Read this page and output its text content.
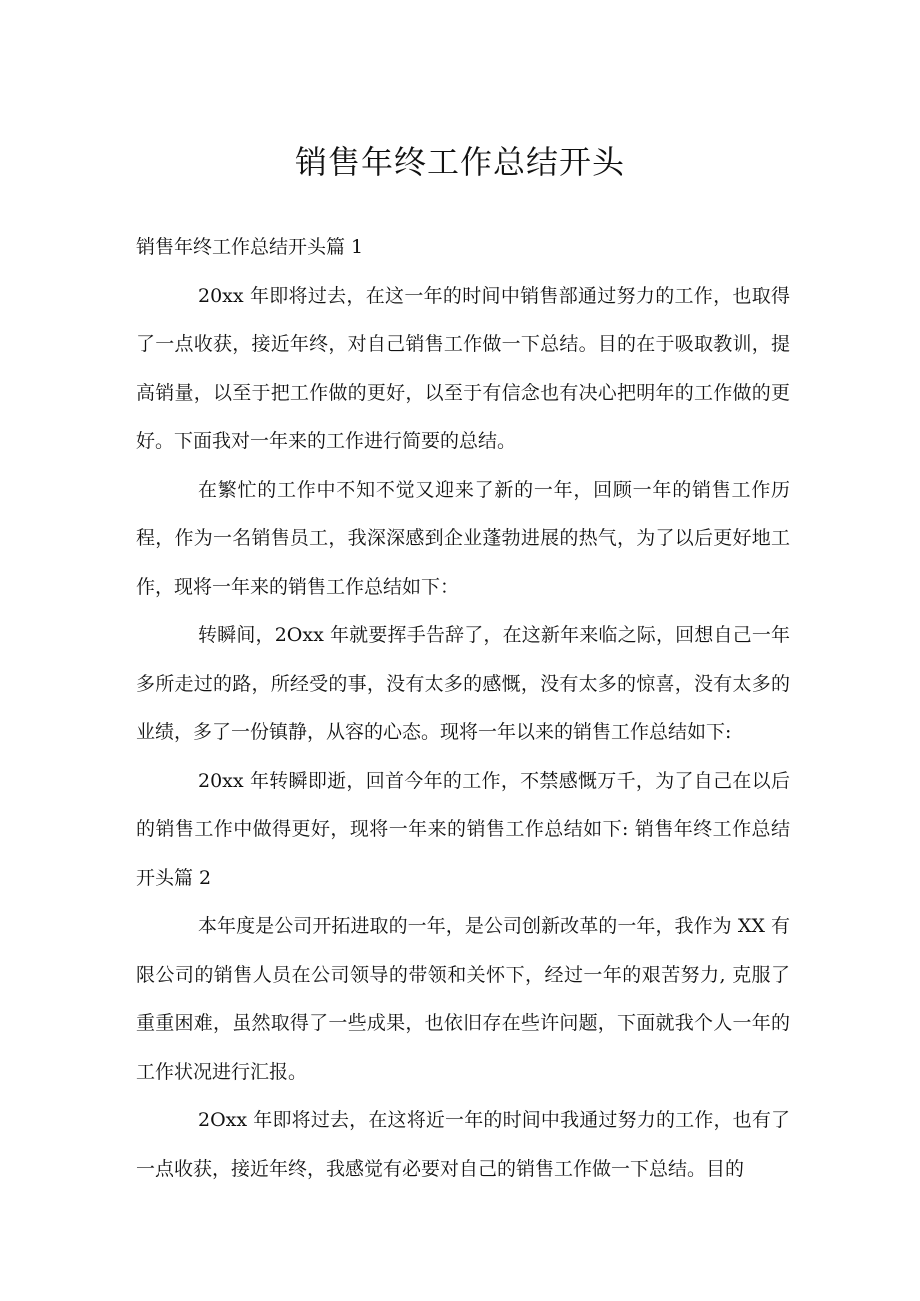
销售年终工作总结开头

销售年终工作总结开头篇 1

20xx 年即将过去，在这一年的时间中销售部通过努力的工作，也取得了一点收获，接近年终，对自己销售工作做一下总结。目的在于吸取教训，提高销量，以至于把工作做的更好，以至于有信念也有决心把明年的工作做的更好。下面我对一年来的工作进行简要的总结。

在繁忙的工作中不知不觉又迎来了新的一年，回顾一年的销售工作历程，作为一名销售员工，我深深感到企业蓬勃进展的热气，为了以后更好地工作，现将一年来的销售工作总结如下：

转瞬间，2Oxx 年就要挥手告辞了，在这新年来临之际，回想自己一年多所走过的路，所经受的事，没有太多的感慨，没有太多的惊喜，没有太多的业绩，多了一份镇静，从容的心态。现将一年以来的销售工作总结如下:

20xx 年转瞬即逝，回首今年的工作，不禁感慨万千，为了自己在以后的销售工作中做得更好，现将一年来的销售工作总结如下: 销售年终工作总结开头篇 2

本年度是公司开拓进取的一年，是公司创新改革的一年，我作为 XX 有限公司的销售人员在公司领导的带领和关怀下，经过一年的艰苦努力, 克服了重重困难，虽然取得了一些成果，也依旧存在些许问题，下面就我个人一年的工作状况进行汇报。

2Oxx 年即将过去，在这将近一年的时间中我通过努力的工作，也有了一点收获，接近年终，我感觉有必要对自己的销售工作做一下总结。目的
